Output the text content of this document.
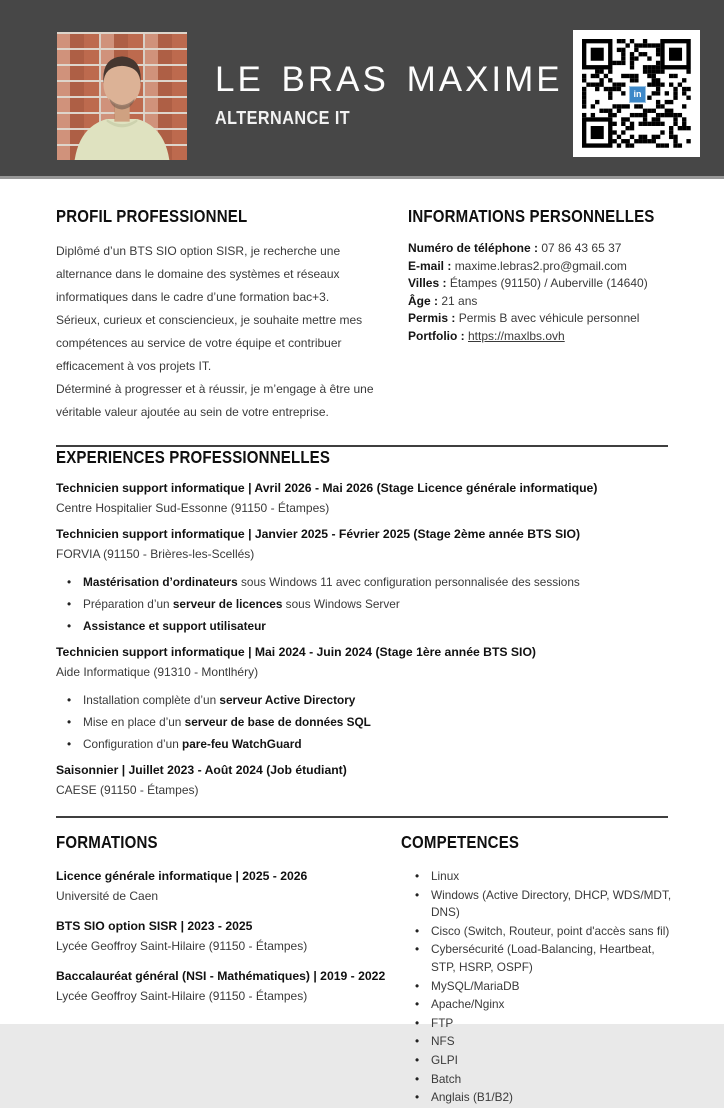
LE BRAS MAXIME
ALTERNANCE IT
in
PROFIL PROFESSIONNEL

Diplômé d’un BTS SIO option SISR, je recherche une alternance dans le domaine des systèmes et réseaux informatiques dans le cadre d’une formation bac+3.

Sérieux, curieux et consciencieux, je souhaite mettre mes compétences au service de votre équipe et contribuer efficacement à vos projets IT.

Déterminé à progresser et à réussir, je m’engage à être une véritable valeur ajoutée au sein de votre entreprise.

INFORMATIONS PERSONNELLES
Numéro de téléphone : 07 86 43 65 37
E-mail : maxime.lebras2.pro@gmail.com
Villes : Étampes (91150) / Auberville (14640)
Âge : 21 ans
Permis : Permis B avec véhicule personnel
Portfolio : https://maxlbs.ovh
EXPERIENCES PROFESSIONNELLES
Technicien support informatique | Avril 2026 - Mai 2026 (Stage Licence générale informatique)
Centre Hospitalier Sud-Essonne (91150 - Étampes)
Technicien support informatique | Janvier 2025 - Février 2025 (Stage 2ème année BTS SIO)
FORVIA (91150 - Brières-les-Scellés)
• Mastérisation d’ordinateurs sous Windows 11 avec configuration personnalisée des sessions
• Préparation d’un serveur de licences sous Windows Server
• Assistance et support utilisateur
Technicien support informatique | Mai 2024 - Juin 2024 (Stage 1ère année BTS SIO)
Aide Informatique (91310 - Montlhéry)
• Installation complète d’un serveur Active Directory
• Mise en place d’un serveur de base de données SQL
• Configuration d’un pare-feu WatchGuard
Saisonnier | Juillet 2023 - Août 2024 (Job étudiant)
CAESE (91150 - Étampes)
FORMATIONS
Licence générale informatique | 2025 - 2026
Université de Caen
BTS SIO option SISR | 2023 - 2025
Lycée Geoffroy Saint-Hilaire (91150 - Étampes)
Baccalauréat général (NSI - Mathématiques) | 2019 - 2022
Lycée Geoffroy Saint-Hilaire (91150 - Étampes)
COMPETENCES
• Linux
• Windows (Active Directory, DHCP, WDS/MDT, DNS)
• Cisco (Switch, Routeur, point d'accès sans fil)
• Cybersécurité (Load-Balancing, Heartbeat, STP, HSRP, OSPF)
• MySQL/MariaDB
• Apache/Nginx
• FTP
• NFS
• GLPI
• Batch
• Anglais (B1/B2)
